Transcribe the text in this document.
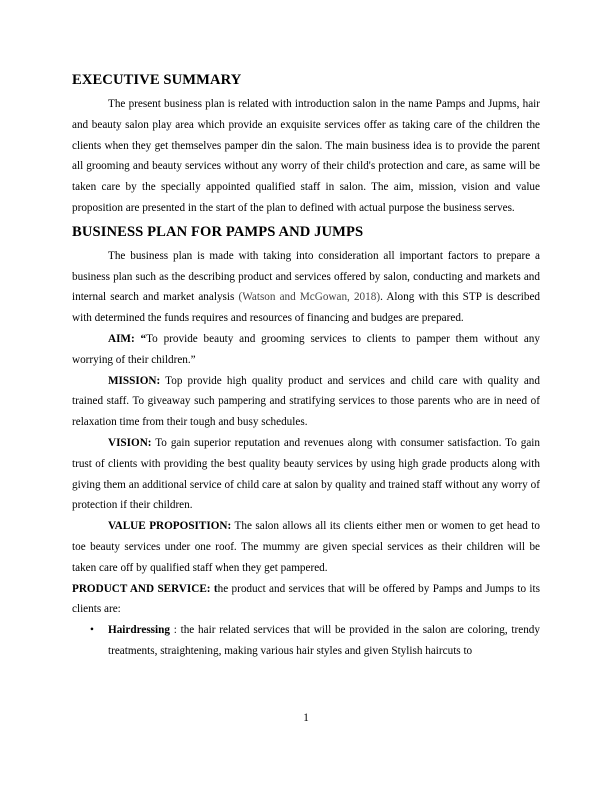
EXECUTIVE SUMMARY

The present business plan is related with introduction salon in the name Pamps and Jupms, hair and beauty salon play area which provide an exquisite services offer as taking care of the children the clients when they get themselves pamper din the salon. The main business idea is to provide the parent all grooming and beauty services without any worry of their child's protection and care, as same will be taken care by the specially appointed qualified staff in salon. The aim, mission, vision and value proposition are presented in the start of the plan to defined with actual purpose the business serves.

BUSINESS PLAN FOR PAMPS AND JUMPS

The business plan is made with taking into consideration all important factors to prepare a business plan such as the describing product and services offered by salon, conducting and markets and internal search and market analysis (Watson and McGowan, 2018). Along with this STP is described with determined the funds requires and resources of financing and budges are prepared.

AIM: “To provide beauty and grooming services to clients to pamper them without any worrying of their children.”

MISSION: Top provide high quality product and services and child care with quality and trained staff. To giveaway such pampering and stratifying services to those parents who are in need of relaxation time from their tough and busy schedules.

VISION: To gain superior reputation and revenues along with consumer satisfaction. To gain trust of clients with providing the best quality beauty services by using high grade products along with giving them an additional service of child care at salon by quality and trained staff without any worry of protection if their children.

VALUE PROPOSITION: The salon allows all its clients either men or women to get head to toe beauty services under one roof. The mummy are given special services as their children will be taken care off by qualified staff when they get pampered.

PRODUCT AND SERVICE: the product and services that will be offered by Pamps and Jumps to its clients are:

• Hairdressing : the hair related services that will be provided in the salon are coloring, trendy treatments, straightening, making various hair styles and given Stylish haircuts to
1
